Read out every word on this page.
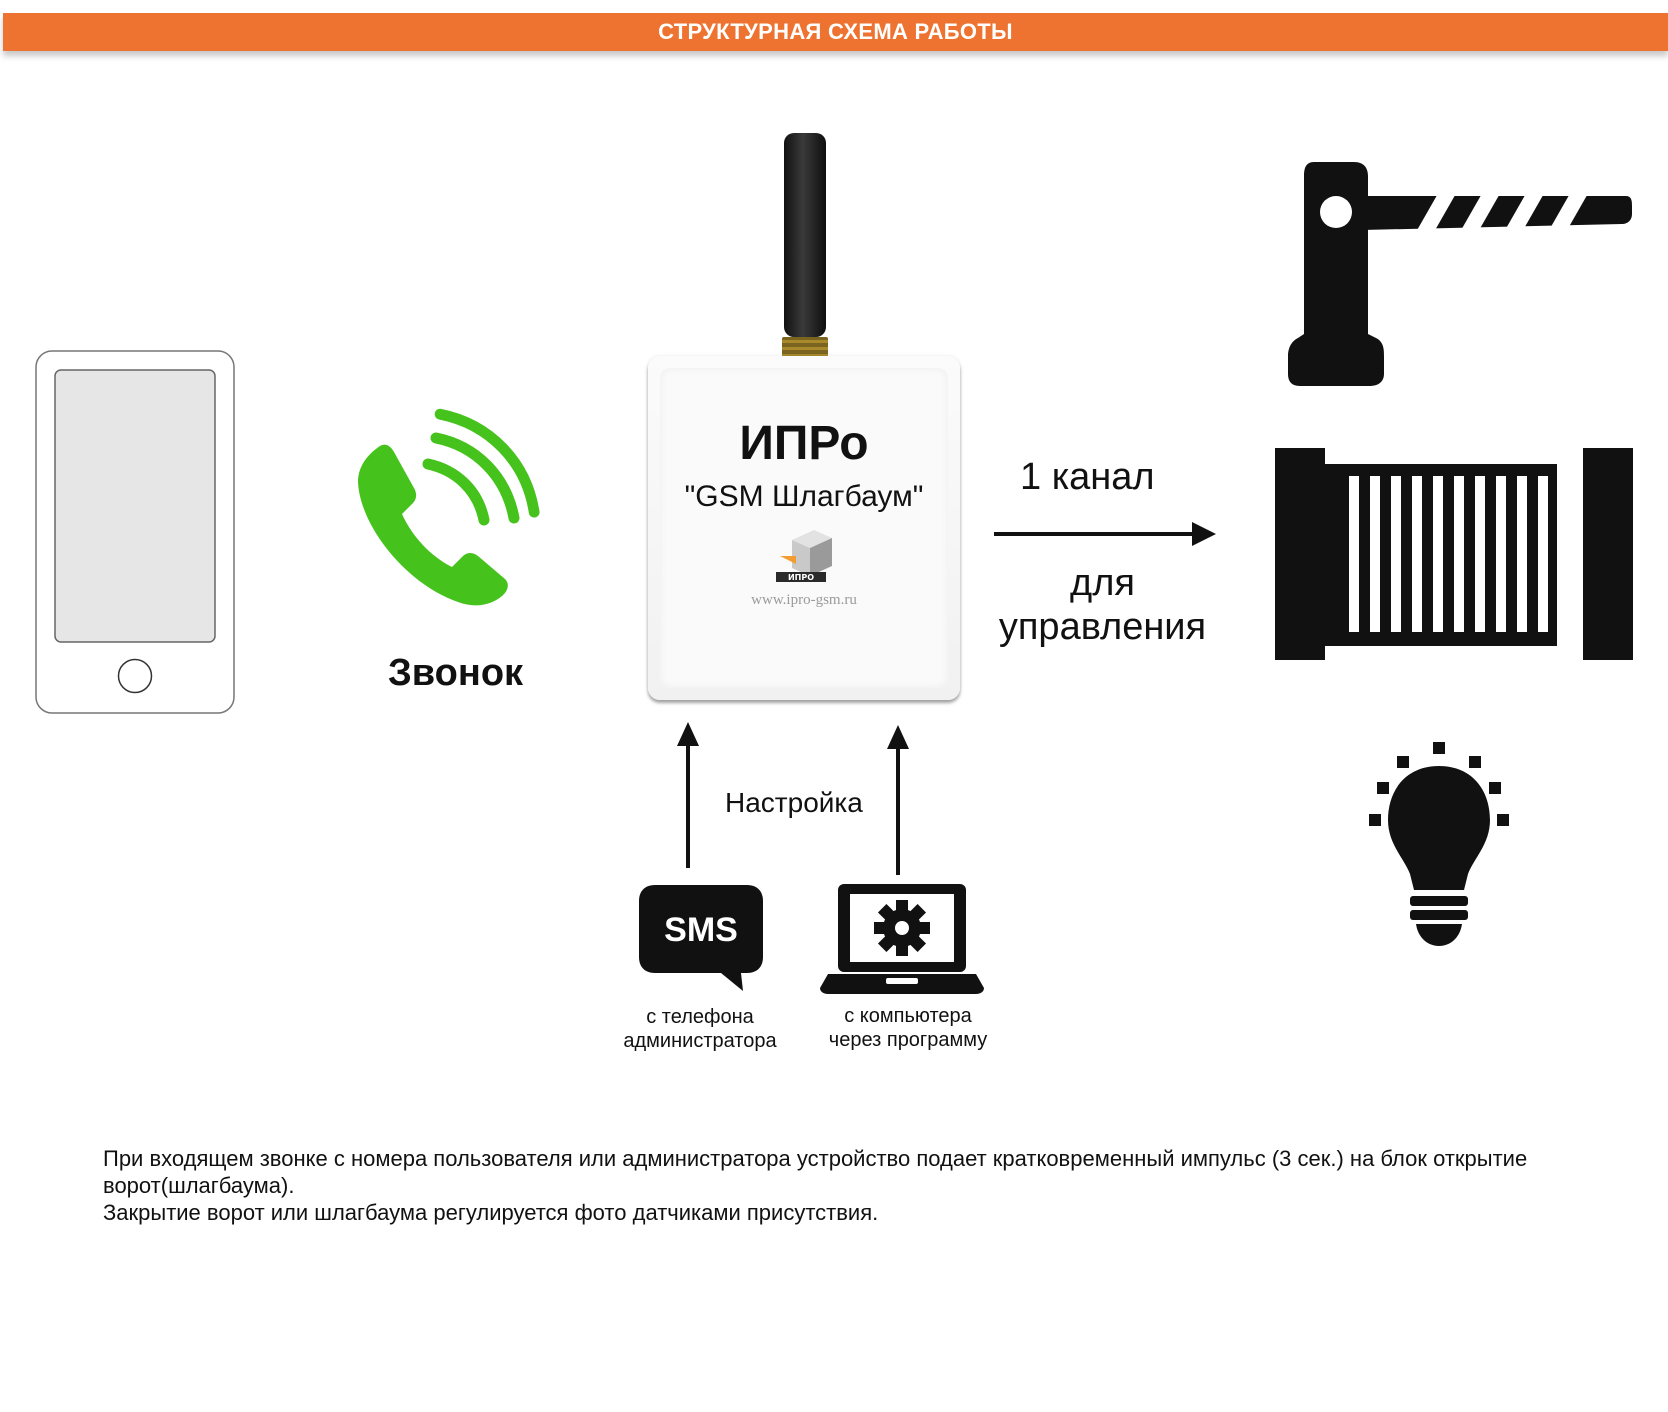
СТРУКТУРНАЯ СХЕМА РАБОТЫ
Звонок
ИПРо
"GSM Шлагбаум"
ИПРО
www.ipro-gsm.ru
1 канал
для
управления
Настройка
SMS
с телефона
администратора
с компьютера
через программу

При входящем звонке с номера пользователя или администратора устройство подает кратковременный импульс (3 сек.) на блок открытие ворот(шлагбаума).

Закрытие ворот или шлагбаума регулируется фото датчиками присутствия.
